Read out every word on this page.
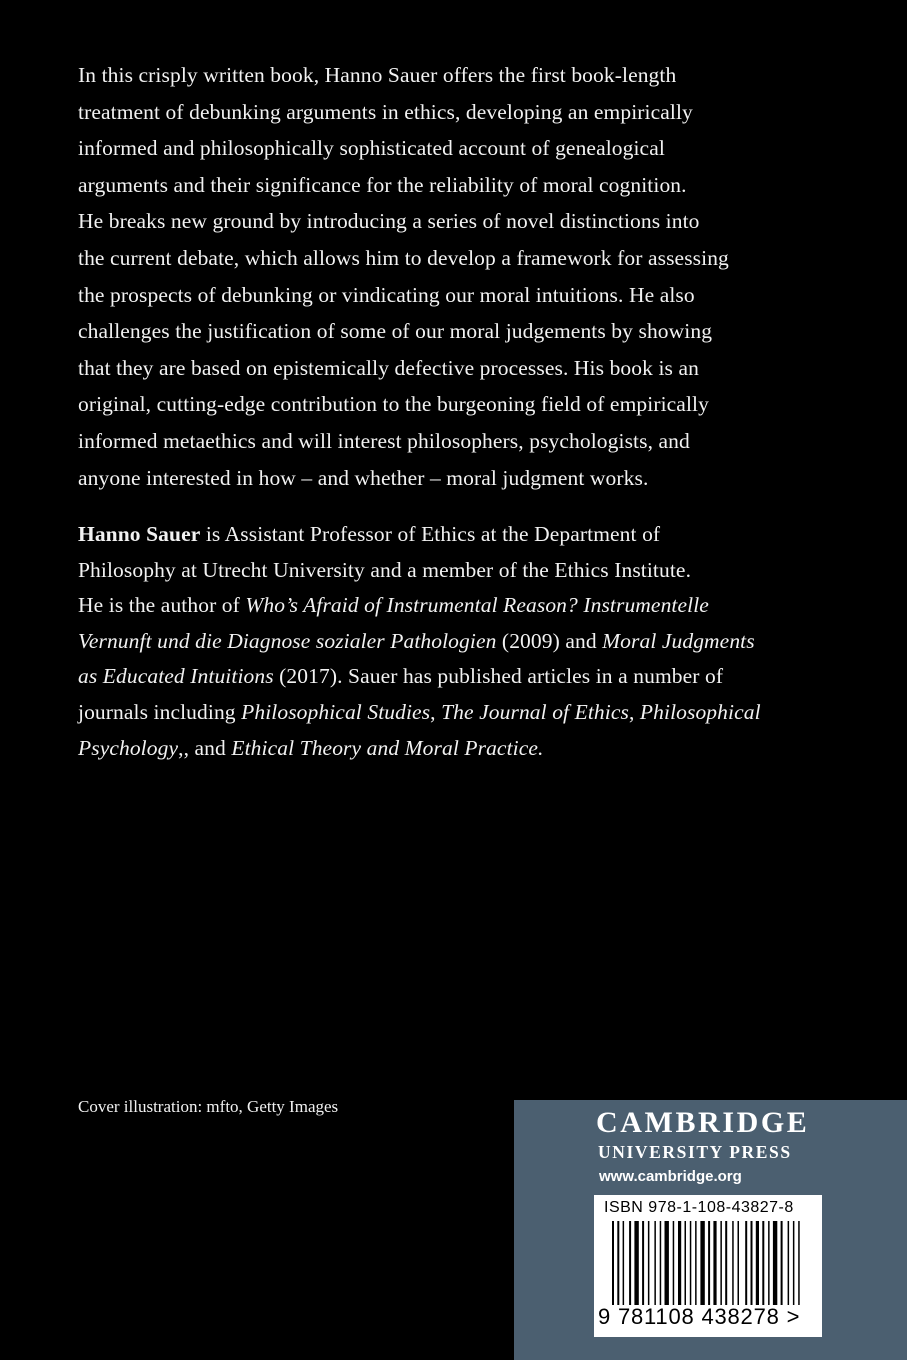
In this crisply written book, Hanno Sauer offers the first book-length
treatment of debunking arguments in ethics, developing an empirically
informed and philosophically sophisticated account of genealogical
arguments and their significance for the reliability of moral cognition.
He breaks new ground by introducing a series of novel distinctions into
the current debate, which allows him to develop a framework for assessing
the prospects of debunking or vindicating our moral intuitions. He also
challenges the justification of some of our moral judgements by showing
that they are based on epistemically defective processes. His book is an
original, cutting-edge contribution to the burgeoning field of empirically
informed metaethics and will interest philosophers, psychologists, and
anyone interested in how – and whether – moral judgment works.
Hanno Sauer is Assistant Professor of Ethics at the Department of
Philosophy at Utrecht University and a member of the Ethics Institute.
He is the author of Who’s Afraid of Instrumental Reason? Instrumentelle
Vernunft und die Diagnose sozialer Pathologien (2009) and Moral Judgments
as Educated Intuitions (2017). Sauer has published articles in a number of
journals including Philosophical Studies, The Journal of Ethics, Philosophical
Psychology,, and Ethical Theory and Moral Practice.
Cover illustration: mfto, Getty Images	CAMBRIDGE
UNIVERSITY PRESS
www.cambridge.org
ISBN 978-1-108-43827-8
9 781108 438278 >
